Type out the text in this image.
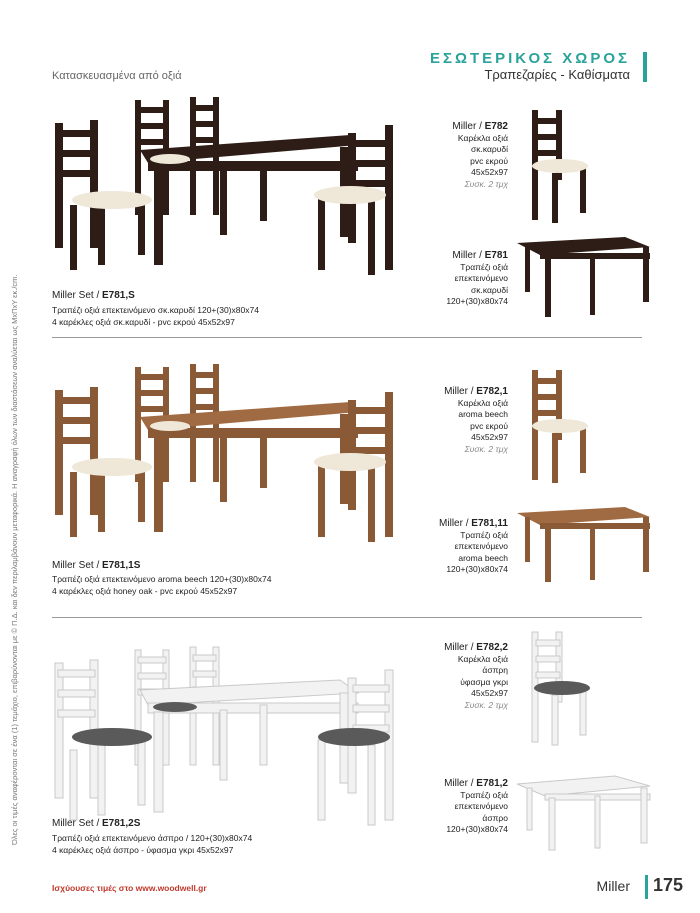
ΕΣΩΤΕΡΙΚΟΣ ΧΩΡΟΣ
Τραπεζαρίες - Καθίσματα
Κατασκευασμένα από οξιά
Όλες οι τιμές αναφέρονται σε ένα (1) τεμάχιο, επιβαρύνονται με © Π.Δ. και δεν περιλαμβάνουν μεταφορικά. Η αναγραφή όλων των διαστάσεων αναλύεται ως MxПxY εκ./cm.	Miller Set / E781,S
Τραπέζι οξιά επεκτεινόμενο σκ.καρυδί 120+(30)x80x74
4 καρέκλες οξιά σκ.καρυδί - pvc εκρού 45x52x97
Miller / E782
Καρέκλα οξιά
σκ.καρυδί
pvc εκρού
45x52x97
Συσκ. 2 τμχ
Miller / E781
Τραπέζι οξιά
επεκτεινόμενο
σκ.καρυδί
120+(30)x80x74
Miller Set / E781,1S
Τραπέζι οξιά επεκτεινόμενο aroma beech 120+(30)x80x74
4 καρέκλες οξιά honey oak - pvc εκρού 45x52x97
Miller / E782,1
Καρέκλα οξιά
aroma beech
pvc εκρού
45x52x97
Συσκ. 2 τμχ
Miller / E781,11
Τραπέζι οξιά
επεκτεινόμενο
aroma beech
120+(30)x80x74
Miller Set / E781,2S
Τραπέζι οξιά επεκτεινόμενο άσπρο / 120+(30)x80x74
4 καρέκλες οξιά άσπρο - ύφασμα γκρι 45x52x97
Miller / E782,2
Καρέκλα οξιά
άσπρη
ύφασμα γκρι
45x52x97
Συσκ. 2 τμχ
Miller / E781,2
Τραπέζι οξιά
επεκτεινόμενο
άσπρο
120+(30)x80x74
Ισχύουσες τιμές στο www.woodwell.gr	Miller 175
